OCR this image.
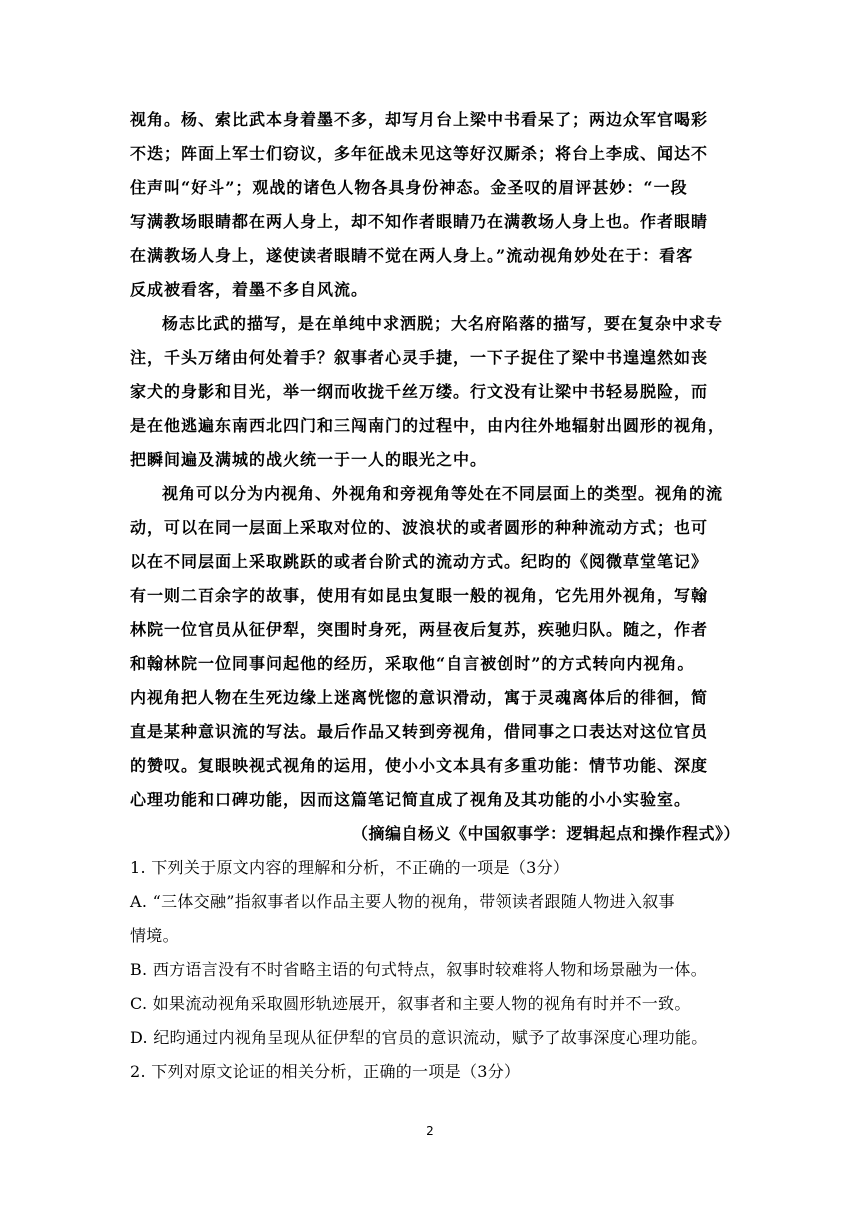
视角。杨、索比武本身着墨不多，却写月台上梁中书看呆了；两边众军官喝彩
不迭；阵面上军士们窃议，多年征战未见这等好汉厮杀；将台上李成、闻达不
住声叫“好斗”；观战的诸色人物各具身份神态。金圣叹的眉评甚妙：“一段
写满教场眼睛都在两人身上，却不知作者眼睛乃在满教场人身上也。作者眼睛
在满教场人身上，遂使读者眼睛不觉在两人身上。”流动视角妙处在于：看客
反成被看客，着墨不多自风流。
杨志比武的描写，是在单纯中求洒脱；大名府陷落的描写，要在复杂中求专
注，千头万绪由何处着手？叙事者心灵手捷，一下子捉住了梁中书遑遑然如丧
家犬的身影和目光，举一纲而收拢千丝万缕。行文没有让梁中书轻易脱险，而
是在他逃遍东南西北四门和三闯南门的过程中，由内往外地辐射出圆形的视角，
把瞬间遍及满城的战火统一于一人的眼光之中。
视角可以分为内视角、外视角和旁视角等处在不同层面上的类型。视角的流
动，可以在同一层面上采取对位的、波浪状的或者圆形的种种流动方式；也可
以在不同层面上采取跳跃的或者台阶式的流动方式。纪昀的《阅微草堂笔记》
有一则二百余字的故事，使用有如昆虫复眼一般的视角，它先用外视角，写翰
林院一位官员从征伊犁，突围时身死，两昼夜后复苏，疾驰归队。随之，作者
和翰林院一位同事问起他的经历，采取他“自言被创时”的方式转向内视角。
内视角把人物在生死边缘上迷离恍惚的意识滑动，寓于灵魂离体后的徘徊，简
直是某种意识流的写法。最后作品又转到旁视角，借同事之口表达对这位官员
的赞叹。复眼映视式视角的运用，使小小文本具有多重功能：情节功能、深度
心理功能和口碑功能，因而这篇笔记简直成了视角及其功能的小小实验室。
（摘编自杨义《中国叙事学：逻辑起点和操作程式》）
1. 下列关于原文内容的理解和分析，不正确的一项是（3分）
A. “三体交融”指叙事者以作品主要人物的视角，带领读者跟随人物进入叙事
情境。
B. 西方语言没有不时省略主语的句式特点，叙事时较难将人物和场景融为一体。
C. 如果流动视角采取圆形轨迹展开，叙事者和主要人物的视角有时并不一致。
D. 纪昀通过内视角呈现从征伊犁的官员的意识流动，赋予了故事深度心理功能。
2. 下列对原文论证的相关分析，正确的一项是（3分）
2
